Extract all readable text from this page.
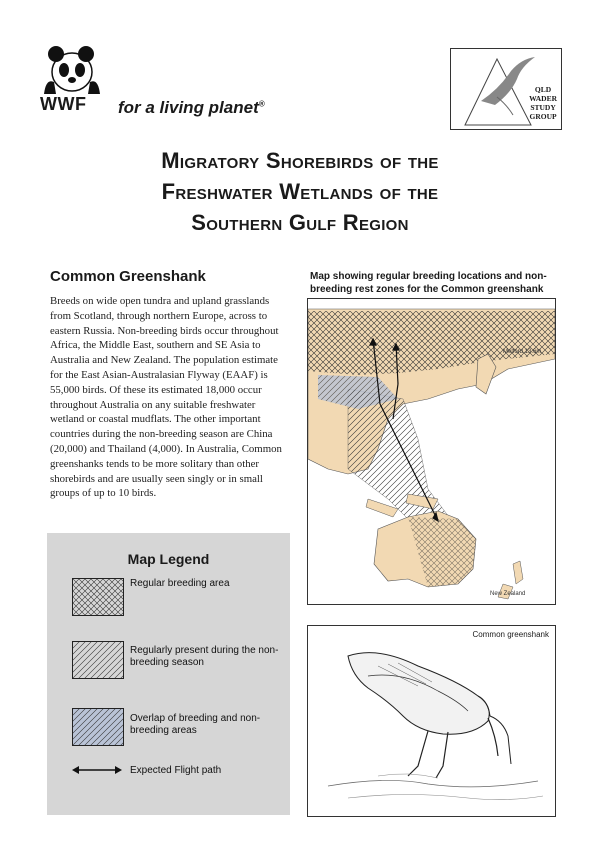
WWF for a living planet®
QLD
WADER
STUDY
GROUP
Migratory Shorebirds of the
Freshwater Wetlands of the
Southern Gulf Region
Common Greenshank
Breeds on wide open tundra and upland grasslands from Scotland, through northern Europe, across to eastern Russia. Non-breeding birds occur throughout Africa, the Middle East, southern and SE Asia to Australia and New Zealand. The population estimate for the East Asian-Australasian Flyway (EAAF) is 55,000 birds. Of these its estimated 18,000 occur throughout Australia on any suitable freshwater wetland or coastal mudflats. The other important countries during the non-breeding season are China (20,000) and Thailand (4,000). In Australia, Common greenshanks tends to be more solitary than other shorebirds and are usually seen singly or in small groups of up to 10 birds.
Map showing regular breeding locations and non-breeding rest zones for the Common greenshank
Melford 13.6m
New Zealand
Common greenshank
Map Legend
Regular breeding area
Regularly present during the non-breeding season
Overlap of breeding and non-breeding areas
Expected Flight path
